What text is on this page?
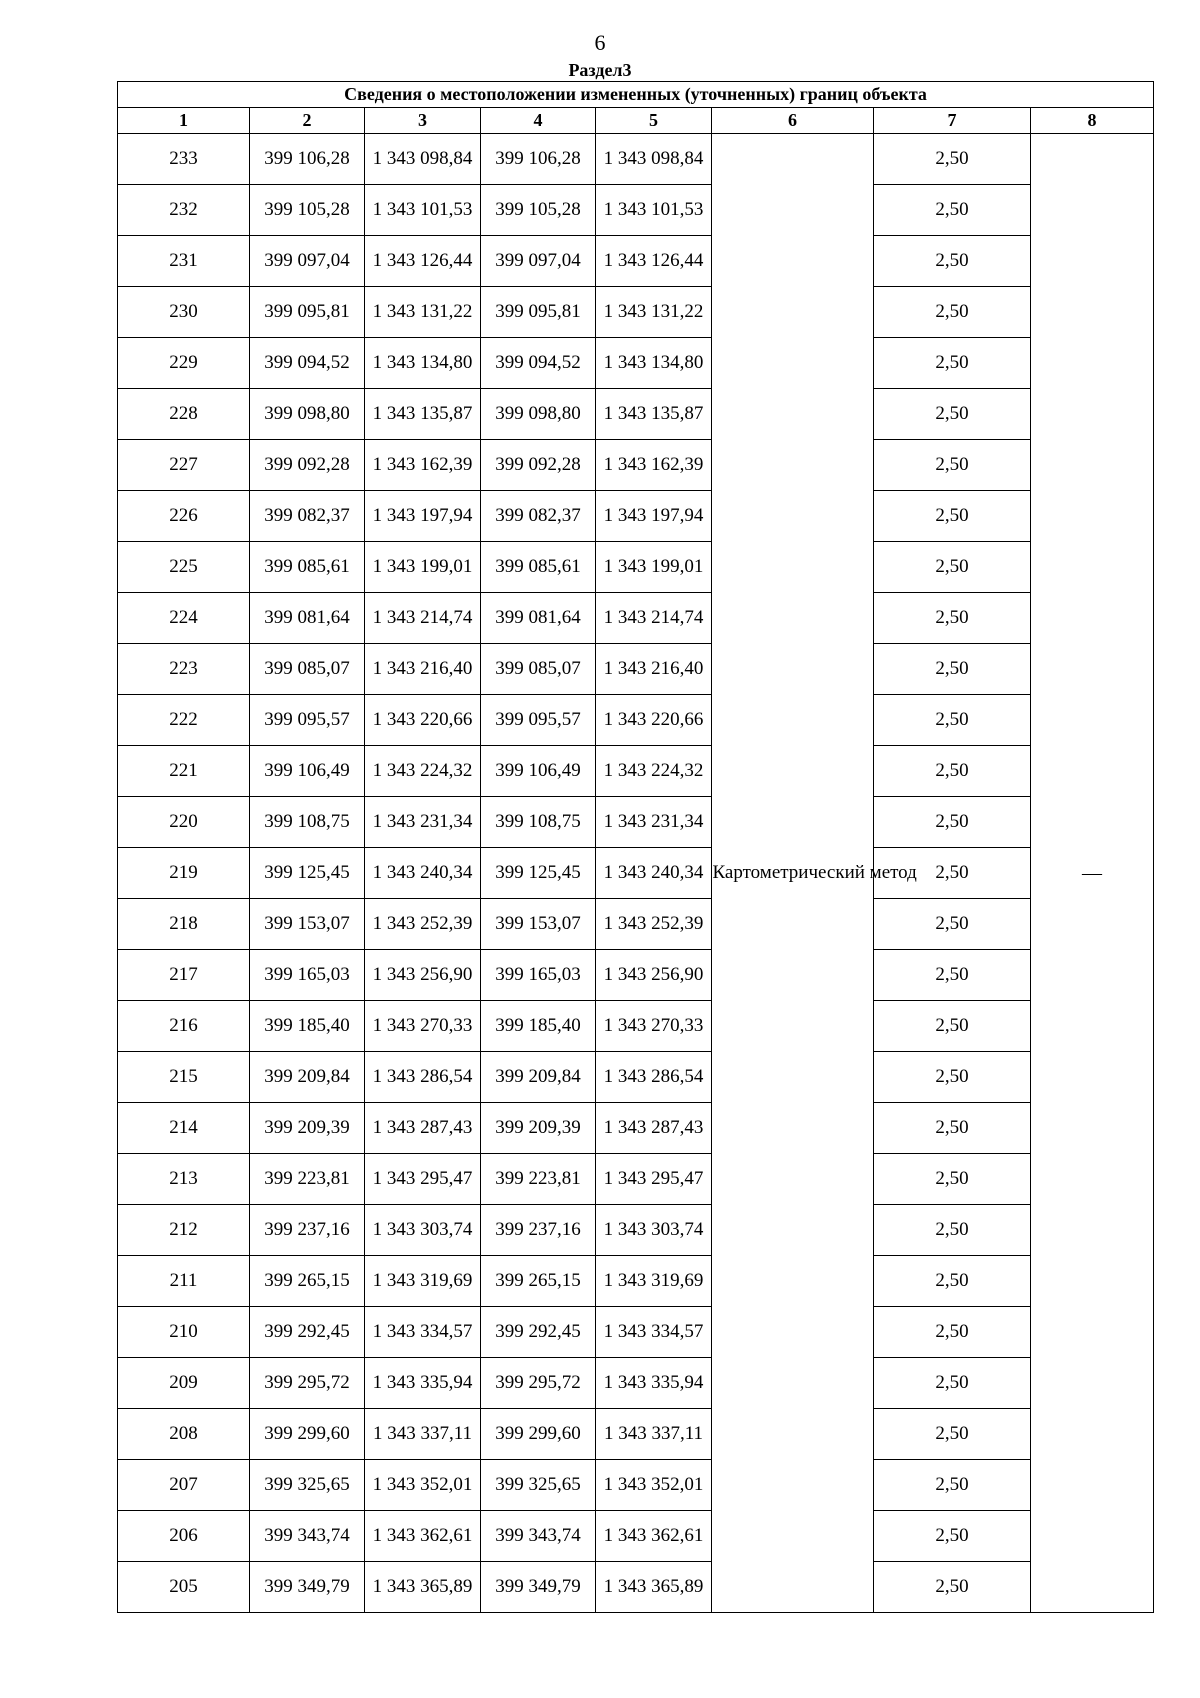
6
Раздел3
Сведения о местоположении измененных (уточненных) границ объекта							
1	2	3	4	5	6	7	8
233	399 106,28	1 343 098,84	399 106,28	1 343 098,84	Картометрический метод	2,50	—
232	399 105,28	1 343 101,53	399 105,28	1 343 101,53		2,50	
231	399 097,04	1 343 126,44	399 097,04	1 343 126,44		2,50	
230	399 095,81	1 343 131,22	399 095,81	1 343 131,22		2,50	
229	399 094,52	1 343 134,80	399 094,52	1 343 134,80		2,50	
228	399 098,80	1 343 135,87	399 098,80	1 343 135,87		2,50	
227	399 092,28	1 343 162,39	399 092,28	1 343 162,39		2,50	
226	399 082,37	1 343 197,94	399 082,37	1 343 197,94		2,50	
225	399 085,61	1 343 199,01	399 085,61	1 343 199,01		2,50	
224	399 081,64	1 343 214,74	399 081,64	1 343 214,74		2,50	
223	399 085,07	1 343 216,40	399 085,07	1 343 216,40		2,50	
222	399 095,57	1 343 220,66	399 095,57	1 343 220,66		2,50	
221	399 106,49	1 343 224,32	399 106,49	1 343 224,32		2,50	
220	399 108,75	1 343 231,34	399 108,75	1 343 231,34		2,50	
219	399 125,45	1 343 240,34	399 125,45	1 343 240,34		2,50	
218	399 153,07	1 343 252,39	399 153,07	1 343 252,39		2,50	
217	399 165,03	1 343 256,90	399 165,03	1 343 256,90		2,50	
216	399 185,40	1 343 270,33	399 185,40	1 343 270,33		2,50	
215	399 209,84	1 343 286,54	399 209,84	1 343 286,54		2,50	
214	399 209,39	1 343 287,43	399 209,39	1 343 287,43		2,50	
213	399 223,81	1 343 295,47	399 223,81	1 343 295,47		2,50	
212	399 237,16	1 343 303,74	399 237,16	1 343 303,74		2,50	
211	399 265,15	1 343 319,69	399 265,15	1 343 319,69		2,50	
210	399 292,45	1 343 334,57	399 292,45	1 343 334,57		2,50	
209	399 295,72	1 343 335,94	399 295,72	1 343 335,94		2,50	
208	399 299,60	1 343 337,11	399 299,60	1 343 337,11		2,50	
207	399 325,65	1 343 352,01	399 325,65	1 343 352,01		2,50	
206	399 343,74	1 343 362,61	399 343,74	1 343 362,61		2,50	
205	399 349,79	1 343 365,89	399 349,79	1 343 365,89		2,50	
